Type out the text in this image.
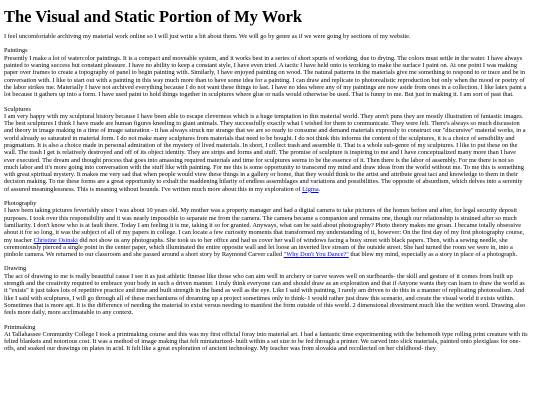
The Visual and Static Portion of My Work

I feel uncomfortable archiving my material work online so I will just write a bit about them. We will go by genre as if we were going by sections of my website.

Paintings
Presently I make a lot of watercolor paintings. It is a compact and moveable system, and it works best in a series of short spurts of working, due to drying. The colors must settle in the water. I have always painted to waning success but constant pleasure. I have no ability to keep a constant style, I have even tried. A tactic I have held onto is working to make the surface I paint on. At one point I was making paper over frames to create a topography of panel to begin painting with. Similarly, I have enjoyed painting on wood. The natural patterns in the materials give me something to respond to or trace and be in conversation with. I like to start out with a painting in this way much more than to have some idea for a painting. I can draw and replicate to photorealistic reproduction but only when the mood or poetry of the labor strikes me. Materially I have not archived everything because I do not want these things to last. I have no idea where any of my paintings are now aside from ones in a collection. I like latex paint a lot because it gathers up into a form. I have used paint to hold things together in sculptures where glue or nails would otherwise be used. That is funny to me. But just in making it. I am sort of past that.

Sculptures
I am very happy with my sculptural history because I have been able to escape cleverness which is a huge temptation in this material world. They aren't puns they are mostly illustration of fantastic images. The best sculptures I think I have made are human figures kneeling to giant animals. They successfully exactly what I wished for them to communicate. They were felt. There's always so much discussion and theory in image making in a time of image saturation - it has always struck me strange that we are so ready to consume and demand materials expressly to construct our "discursive" material works, in a world already so saturated in material form. I do not make many sculptures from materials that need to be bought. I do not think this informs the content of the sculptures, it is a choice of sensibility and pragmatism. It is also a choice made in personal admiration of the mystery of lived materials. In short, I collect trash and assemble it. That is a whole sub-genre of my sculptures. I like to put these on the wall. The trash I get is relatively destroyed and off of its object identity. They are strips and forms and stuff. The promise of sculpture is inspiring to me and I have conceptualized many more than I have ever executed. The dream and thought process that goes into amassing required materials and time for sculptures seems to be the essence of it. Then there is the labor of assembly. For me there is not so much labor and it's more going into conversation with the stuff like with painting. For me this is some opportunity to transcend my mind and draw ideas from the world without me. To me this is something with great spiritual mystery. It makes me very sad that when people would view these things in a gallery or home, that they would think to the artist and attribute great tact and knowledge to them in their decision making. To me these forms are a great opportunity to exhalt the maddening hilarity of endless assemblages and variations and possibilities. The opposite of absurdism, which delves into a serenity of assured meaninglessness. This is meaning without bounds. I've written much more about this in my exploration of Ligma.

Photography
I have been taking pictures feverishly since I was about 10 years old. My mother was a property manager and had a digital camera to take pictures of the homes before and after, for legal security deposit purposes. I took over this responsibility and it was nearly impossible to separate me from the camera. The camera became a companion and remains one, though our relationship is strained after so much familiarity. I don't know who is at fault there. Today I am feeling it is me, taking it so for granted. Anyways, what can be said about photography? Photo theory makes me groan. I became totally obsessive about it for so long, it was the subject of all of my papers in college. I can locate a few curiosity moments that transformed my understanding of it, however: On the first day of my first photography course, my teacher Christine Osinski did not show us any photographs. She took us to her office and had us cover her wall of windows facing a busy street with black papers. Then, with a sewing needle, she ceremoniously pierced a single point in the center paper, which illuminated the entire opposite wall and let loose an inverted live stream of the outside street. She had turned the room we were in, into a pinhole camera. We returned to our classroom and she passed around a short story by Raymond Carver called "Why Don't You Dance?" that blew my mind, especially as a story in place of a photograph.

Drawing
The act of drawing to me is really beautiful cause I see it as just athletic finesse like those who can aim well in archery or carve waves well on surfboards- the skill and gesture of it comes from built up strength and the creativity required to embrace your body in such a driven manner. I truly think everyone can and should draw as an exploration and that if Anyone wants they can learn to draw the world as it "exists" it just takes lots of repetitive practice and time and built strength in the hand as well as the eye. Like I said with painting, I rarely am driven to do this in a manner of replicating photorealism. And like I said with sculptures, I will go through all of these mechanisms of dreaming up a project sometimes only to think- I would rather just draw this scenario, and create the visual world it exists within. Sometimes that is more apt. It is the difference of needing the material to exist versus needing to manifest the form outside of this world. 2 dimensional divestment much like the written word. Drawing also feels more daily, more acclimatable to any context.

Printmaking
At Tallahassee Community College I took a printmaking course and this was my first official foray into material art. I had a fantastic time experimenting with the behemoth type rolling print creature with its felted blankets and notorious cost. It was a method of image making that felt miniaturized- built within a set size to be fed through a printer. We carved into slick materials, painted onto plexiglass for one-offs, and soaked our drawings on plates in acid. It felt like a great exploration of ancient technology. My teacher was from slovakia and recollected on her childhood- they
